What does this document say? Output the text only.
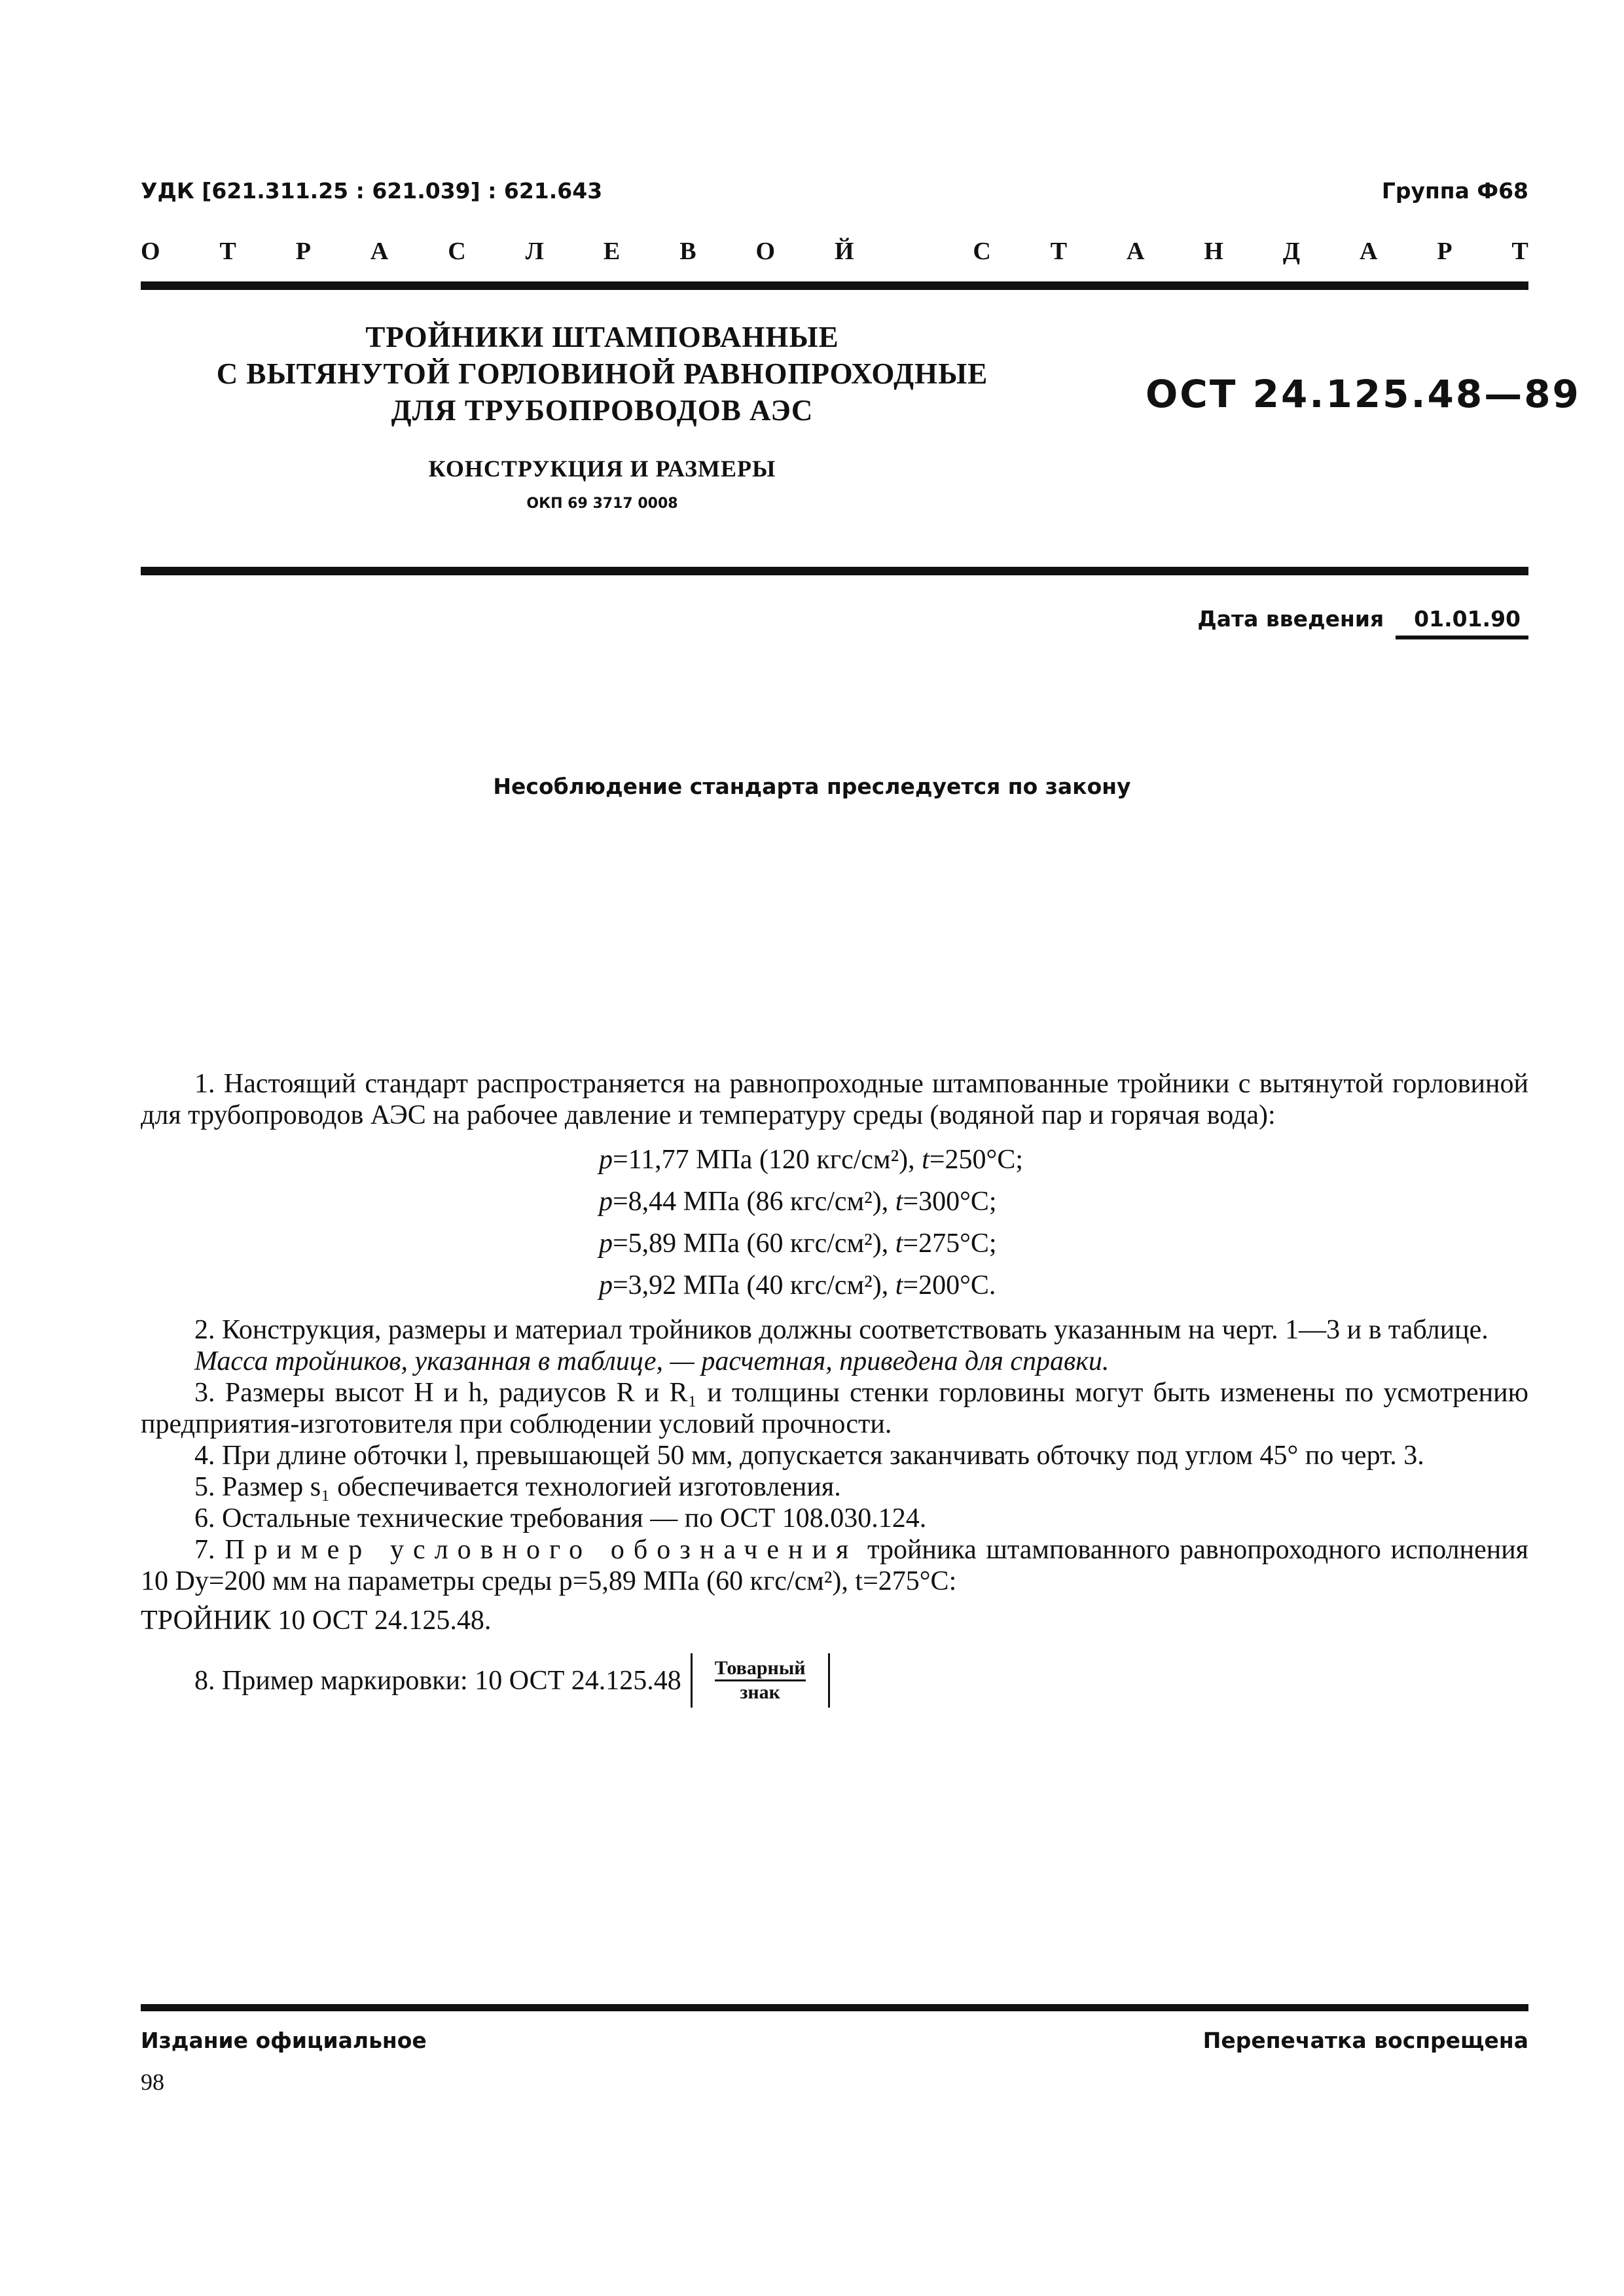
УДК [621.311.25 : 621.039] : 621.643	Группа Ф68
О Т Р А С Л Е В О Й	С Т А Н Д А Р Т
ТРОЙНИКИ ШТАМПОВАННЫЕ
С ВЫТЯНУТОЙ ГОРЛОВИНОЙ РАВНОПРОХОДНЫЕ
ДЛЯ ТРУБОПРОВОДОВ АЭС
КОНСТРУКЦИЯ И РАЗМЕРЫ
ОКП 69 3717 0008
ОСТ 24.125.48—89
Дата введения 01.01.90
Несоблюдение стандарта преследуется по закону

1. Настоящий стандарт распространяется на равнопроходные штампованные тройники с вытянутой горловиной для трубопроводов АЭС на рабочее давление и температуру среды (водяной пар и горячая вода):

p=11,77 МПа (120 кгс/см²), t=250°С;
p=8,44 МПа (86 кгс/см²), t=300°С;
p=5,89 МПа (60 кгс/см²), t=275°С;
p=3,92 МПа (40 кгс/см²), t=200°С.

2. Конструкция, размеры и материал тройников должны соответствовать указанным на черт. 1—3 и в таблице.

Масса тройников, указанная в таблице, — расчетная, приведена для справки.

3. Размеры высот H и h, радиусов R и R₁ и толщины стенки горловины могут быть изменены по усмотрению предприятия-изготовителя при соблюдении условий прочности.

4. При длине обточки l, превышающей 50 мм, допускается заканчивать обточку под углом 45° по черт. 3.

5. Размер s₁ обеспечивается технологией изготовления.

6. Остальные технические требования — по ОСТ 108.030.124.

7. Пример условного обозначения тройника штампованного равнопроходного исполнения 10 Dу=200 мм на параметры среды p=5,89 МПа (60 кгс/см²), t=275°С:

ТРОЙНИК 10 ОСТ 24.125.48.

8. Пример маркировки: 10 ОСТ 24.125.48 Товарный
знак
Издание официальное	Перепечатка воспрещена
98
